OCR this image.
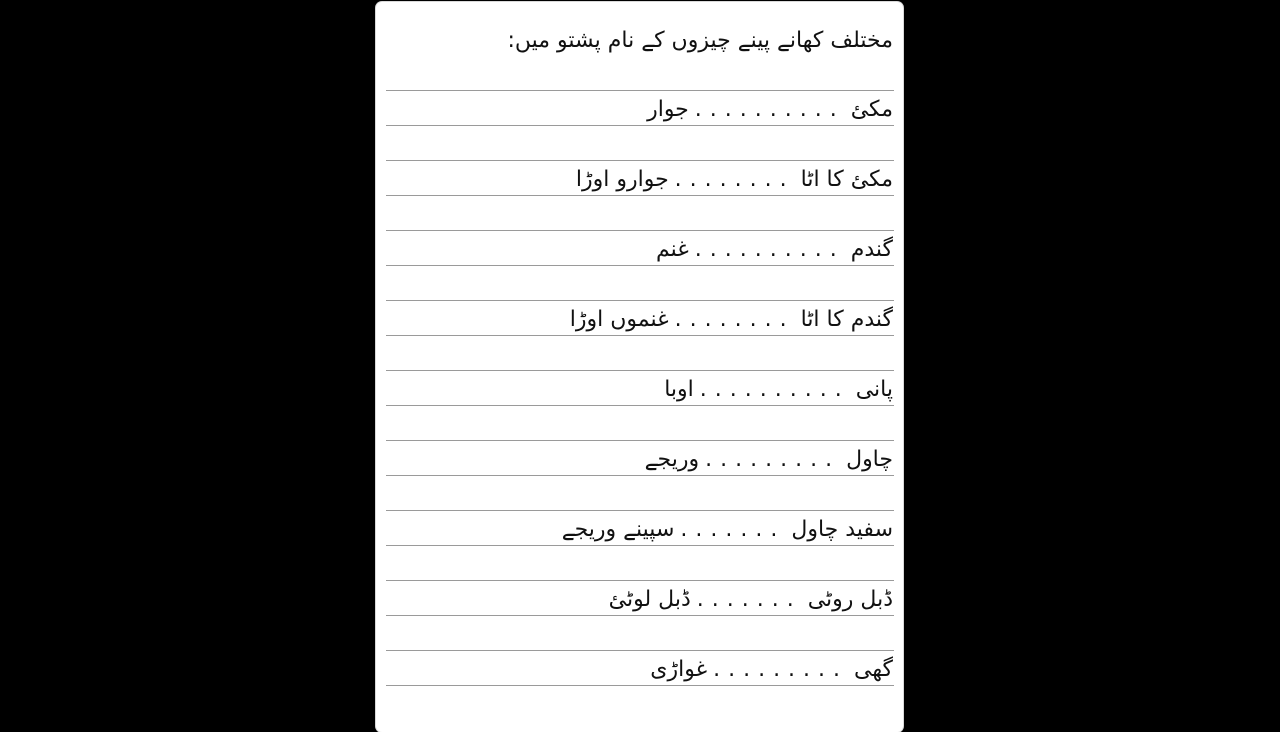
مختلف کھانے پینے چیزوں کے نام پشتو میں:
مکئ..........جوار
مکئ کا اٹا........جوارو اوڑا
گندم..........غنم
گندم کا اٹا........غنموں اوڑا
پانی..........اوبا
چاول.........وریجے
سفید چاول.......سپینے وریجے
ڈبل روٹی.......ڈبل لوٹئ
گھی.........غواڑی
